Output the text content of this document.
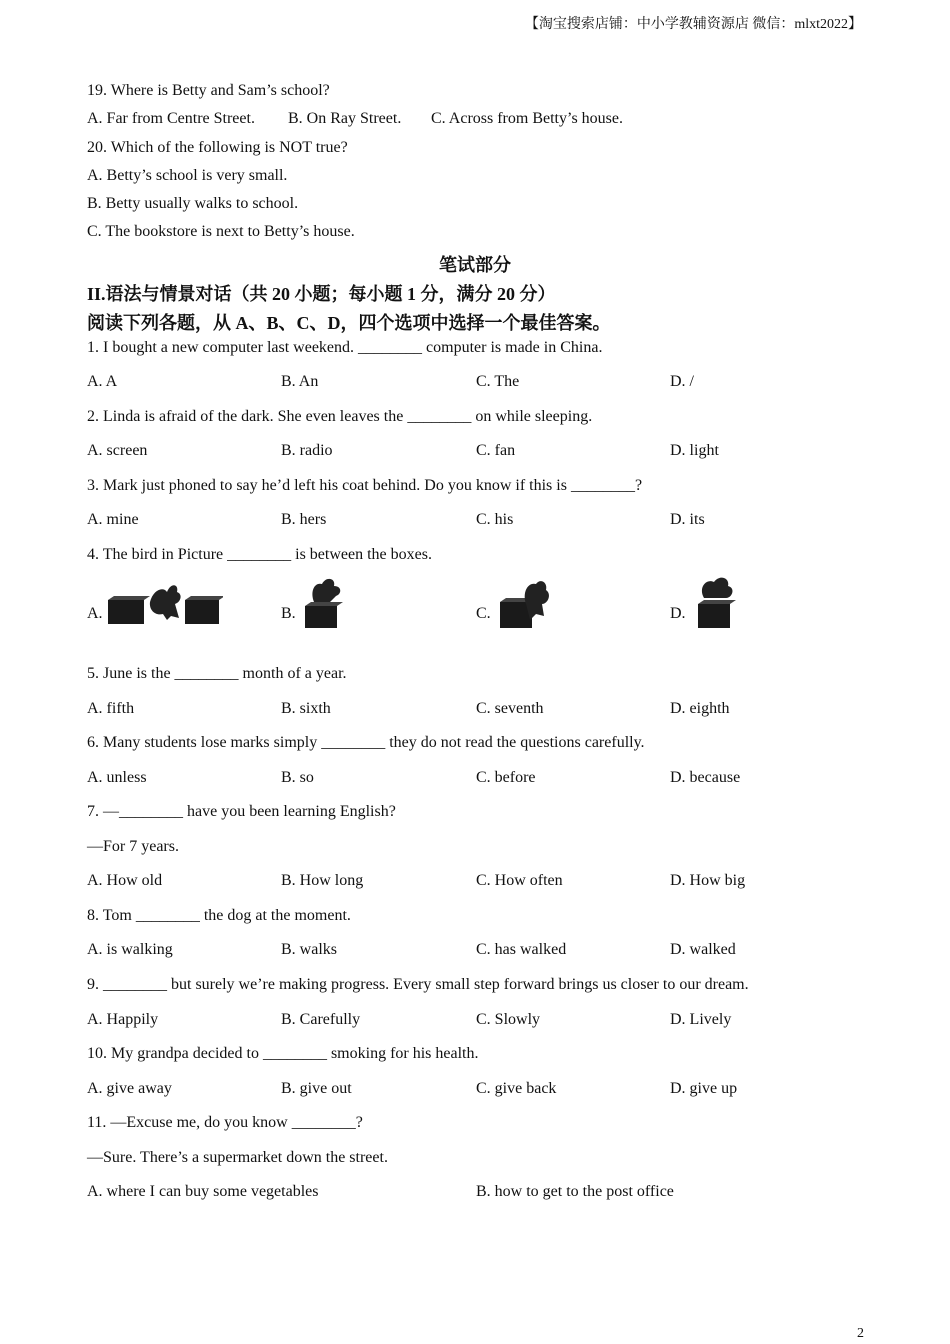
【淘宝搜索店铺：中小学教辅资源店 微信：mlxt2022】
19. Where is Betty and Sam’s school?
A. Far from Centre Street. B. On Ray Street. C. Across from Betty’s house.
20. Which of the following is NOT true?
A. Betty’s school is very small.
B. Betty usually walks to school.
C. The bookstore is next to Betty’s house.
笔试部分
II.语法与情景对话（共 20 小题；每小题 1 分，满分 20 分）
阅读下列各题，从 A、B、C、D，四个选项中选择一个最佳答案。
1. I bought a new computer last weekend. ________ computer is made in China.
A. A	B. An	C. The	D. /
2. Linda is afraid of the dark. She even leaves the ________ on while sleeping.
A. screen	B. radio	C. fan	D. light
3. Mark just phoned to say he’d left his coat behind. Do you know if this is ________?
A. mine	B. hers	C. his	D. its
4. The bird in Picture ________ is between the boxes.
A.	B.	C.	D.
5. June is the ________ month of a year.
A. fifth	B. sixth	C. seventh	D. eighth
6. Many students lose marks simply ________ they do not read the questions carefully.
A. unless	B. so	C. before	D. because
7. —________ have you been learning English?
—For 7 years.
A. How old	B. How long	C. How often	D. How big
8. Tom ________ the dog at the moment.
A. is walking	B. walks	C. has walked	D. walked
9. ________ but surely we’re making progress. Every small step forward brings us closer to our dream.
A. Happily	B. Carefully	C. Slowly	D. Lively
10. My grandpa decided to ________ smoking for his health.
A. give away	B. give out	C. give back	D. give up
11. —Excuse me, do you know ________?
—Sure. There’s a supermarket down the street.
A. where I can buy some vegetables	B. how to get to the post office
2
